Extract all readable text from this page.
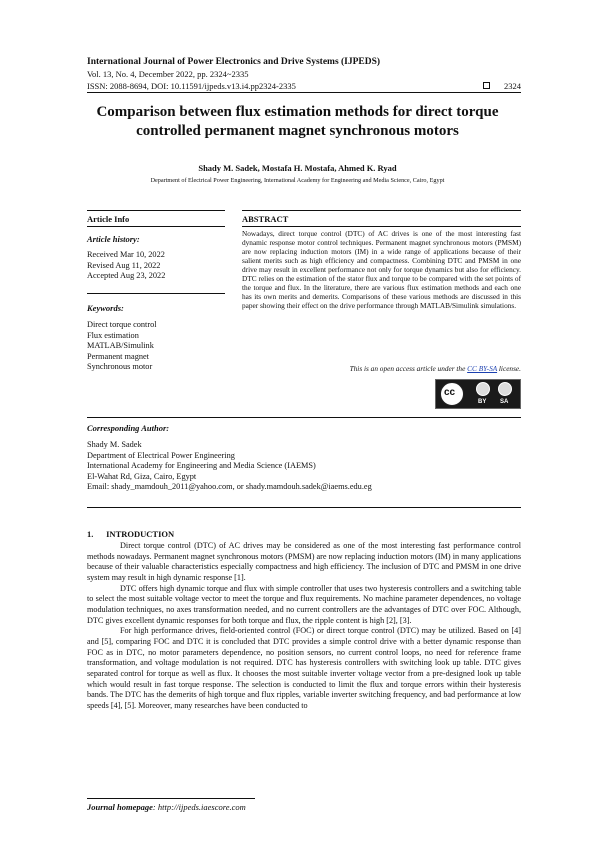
International Journal of Power Electronics and Drive Systems (IJPEDS)
Vol. 13, No. 4, December 2022, pp. 2324~2335
ISSN: 2088-8694, DOI: 10.11591/ijpeds.v13.i4.pp2324-2335	2324
Comparison between flux estimation methods for direct torque
controlled permanent magnet synchronous motors
Shady M. Sadek, Mostafa H. Mostafa, Ahmed K. Ryad
Department of Electrical Power Engineering, International Academy for Engineering and Media Science, Cairo, Egypt
Article Info	ABSTRACT
Article history:
Received Mar 10, 2022
Revised Aug 11, 2022
Accepted Aug 23, 2022
Keywords:
Direct torque control
Flux estimation
MATLAB/Simulink
Permanent magnet
Synchronous motor
Nowadays, direct torque control (DTC) of AC drives is one of the most interesting fast dynamic response motor control techniques. Permanent magnet synchronous motors (PMSM) are now replacing induction motors (IM) in a wide range of applications because of their salient merits such as high efficiency and compactness. Combining DTC and PMSM in one drive may result in excellent performance not only for torque dynamics but also for efficiency. DTC relies on the estimation of the stator flux and torque to be compared with the set points of the torque and flux. In the literature, there are various flux estimation methods and each one has its own merits and demerits. Comparisons of these various methods are discussed in this paper showing their effect on the drive performance through MATLAB/Simulink simulations.
This is an open access article under the CC BY-SA license.
cc
BY SA
Corresponding Author:
Shady M. Sadek
Department of Electrical Power Engineering
International Academy for Engineering and Media Science (IAEMS)
El-Wahat Rd, Giza, Cairo, Egypt
Email: shady_mamdouh_2011@yahoo.com, or shady.mamdouh.sadek@iaems.edu.eg
1.      INTRODUCTION

Direct torque control (DTC) of AC drives may be considered as one of the most interesting fast performance control methods nowadays. Permanent magnet synchronous motors (PMSM) are now replacing induction motors (IM) in many applications because of their valuable characteristics especially compactness and high efficiency. The inclusion of DTC and PMSM in one drive system may result in high dynamic response [1].

DTC offers high dynamic torque and flux with simple controller that uses two hysteresis controllers and a switching table to select the most suitable voltage vector to meet the torque and flux requirements. No machine parameter dependences, no voltage modulation techniques, no axes transformation needed, and no current controllers are the advantages of DTC over FOC. Although, DTC gives excellent dynamic responses for both torque and flux, the ripple content is high [2], [3].

For high performance drives, field-oriented control (FOC) or direct torque control (DTC) may be utilized. Based on [4] and [5], comparing FOC and DTC it is concluded that DTC provides a simple control drive with a better dynamic response than FOC as in DTC, no motor parameters dependence, no position sensors, no current control loops, no need for reference frame transformation, and voltage modulation is not required. DTC has hysteresis controllers with switching look up table. DTC gives separated control for torque as well as flux. It chooses the most suitable inverter voltage vector from a pre-designed look up table which would result in fast torque response. The selection is conducted to limit the flux and torque errors within their hysteresis bands. The DTC has the demerits of high torque and flux ripples, variable inverter switching frequency, and bad performance at low speeds [4], [5]. Moreover, many researches have been conducted to

Journal homepage: http://ijpeds.iaescore.com
